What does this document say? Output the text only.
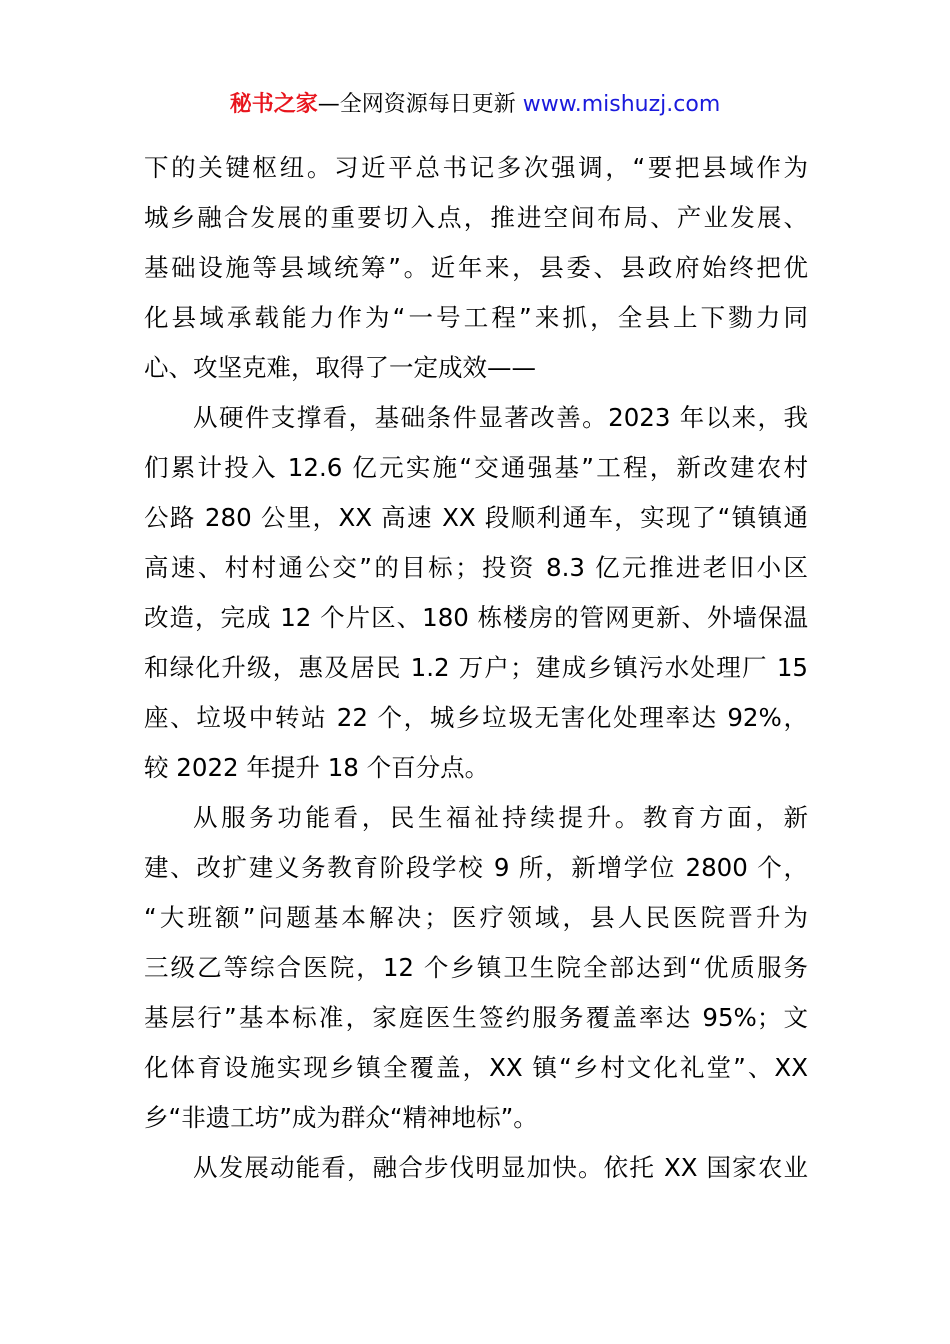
秘书之家—全网资源每日更新 www.mishuzj.com
下的关键枢纽。习近平总书记多次强调，“要把县域作为
城乡融合发展的重要切入点，推进空间布局、产业发展、
基础设施等县域统筹”。近年来，县委、县政府始终把优
化县域承载能力作为“一号工程”来抓，全县上下勠力同
心、攻坚克难，取得了一定成效——
从硬件支撑看，基础条件显著改善。2023 年以来，我
们累计投入 12.6 亿元实施“交通强基”工程，新改建农村
公路 280 公里，XX 高速 XX 段顺利通车，实现了“镇镇通
高速、村村通公交”的目标；投资 8.3 亿元推进老旧小区
改造，完成 12 个片区、180 栋楼房的管网更新、外墙保温
和绿化升级，惠及居民 1.2 万户；建成乡镇污水处理厂 15
座、垃圾中转站 22 个，城乡垃圾无害化处理率达 92%，
较 2022 年提升 18 个百分点。
从服务功能看，民生福祉持续提升。教育方面，新
建、改扩建义务教育阶段学校 9 所，新增学位 2800 个，
“大班额”问题基本解决；医疗领域，县人民医院晋升为
三级乙等综合医院，12 个乡镇卫生院全部达到“优质服务
基层行”基本标准，家庭医生签约服务覆盖率达 95%；文
化体育设施实现乡镇全覆盖，XX 镇“乡村文化礼堂”、XX
乡“非遗工坊”成为群众“精神地标”。
从发展动能看，融合步伐明显加快。依托 XX 国家农业
